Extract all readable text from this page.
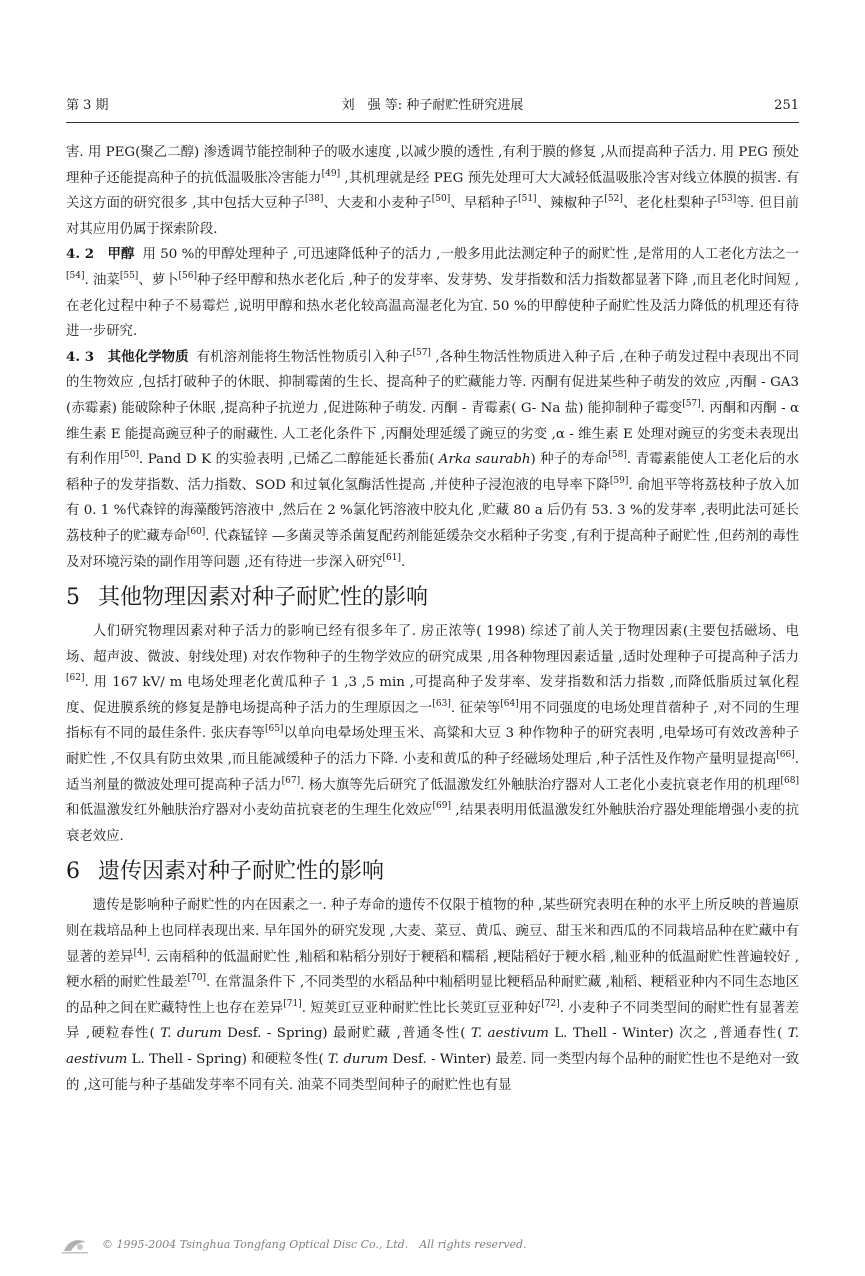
第 3 期	刘　强 等: 种子耐贮性研究进展	251

害. 用 PEG(聚乙二醇) 渗透调节能控制种子的吸水速度 ,以减少膜的透性 ,有利于膜的修复 ,从而提高种子活力. 用 PEG 预处理种子还能提高种子的抗低温吸胀冷害能力[49] ,其机理就是经 PEG 预先处理可大大减轻低温吸胀冷害对线立体膜的损害. 有关这方面的研究很多 ,其中包括大豆种子[38]、大麦和小麦种子[50]、早稻种子[51]、辣椒种子[52]、老化杜梨种子[53]等. 但目前对其应用仍属于探索阶段.

4. 2　甲醇 用 50 %的甲醇处理种子 ,可迅速降低种子的活力 ,一般多用此法测定种子的耐贮性 ,是常用的人工老化方法之一[54]. 油菜[55]、萝卜[56]种子经甲醇和热水老化后 ,种子的发芽率、发芽势、发芽指数和活力指数都显著下降 ,而且老化时间短 ,在老化过程中种子不易霉烂 ,说明甲醇和热水老化较高温高湿老化为宜. 50 %的甲醇使种子耐贮性及活力降低的机理还有待进一步研究.

4. 3　其他化学物质 有机溶剂能将生物活性物质引入种子[57] ,各种生物活性物质进入种子后 ,在种子萌发过程中表现出不同的生物效应 ,包括打破种子的休眠、抑制霉菌的生长、提高种子的贮藏能力等. 丙酮有促进某些种子萌发的效应 ,丙酮 - GA3 (赤霉素) 能破除种子休眠 ,提高种子抗逆力 ,促进陈种子萌发. 丙酮 - 青霉素( G- Na 盐) 能抑制种子霉变[57]. 丙酮和丙酮 - α 维生素 E 能提高豌豆种子的耐藏性. 人工老化条件下 ,丙酮处理延缓了豌豆的劣变 ,α - 维生素 E 处理对豌豆的劣变未表现出有利作用[50]. Pand D K 的实验表明 ,已烯乙二醇能延长番茄( Arka saurabh) 种子的寿命[58]. 青霉素能使人工老化后的水稻种子的发芽指数、活力指数、SOD 和过氧化氢酶活性提高 ,并使种子浸泡液的电导率下降[59]. 俞旭平等将荔枝种子放入加有 0. 1 %代森锌的海藻酸钙溶液中 ,然后在 2 %氯化钙溶液中胶丸化 ,贮藏 80 a 后仍有 53. 3 %的发芽率 ,表明此法可延长荔枝种子的贮藏寿命[60]. 代森锰锌 —多菌灵等杀菌复配药剂能延缓杂交水稻种子劣变 ,有利于提高种子耐贮性 ,但药剂的毒性及对环境污染的副作用等问题 ,还有待进一步深入研究[61].

5 其他物理因素对种子耐贮性的影响

人们研究物理因素对种子活力的影响已经有很多年了. 房正浓等( 1998) 综述了前人关于物理因素(主要包括磁场、电场、超声波、微波、射线处理) 对农作物种子的生物学效应的研究成果 ,用各种物理因素适量 ,适时处理种子可提高种子活力[62]. 用 167 kV/ m 电场处理老化黄瓜种子 1 ,3 ,5 min ,可提高种子发芽率、发芽指数和活力指数 ,而降低脂质过氧化程度、促进膜系统的修复是静电场提高种子活力的生理原因之一[63]. 征荣等[64]用不同强度的电场处理苜蓿种子 ,对不同的生理指标有不同的最佳条件. 张庆春等[65]以单向电晕场处理玉米、高粱和大豆 3 种作物种子的研究表明 ,电晕场可有效改善种子耐贮性 ,不仅具有防虫效果 ,而且能减缓种子的活力下降. 小麦和黄瓜的种子经磁场处理后 ,种子活性及作物产量明显提高[66]. 适当剂量的微波处理可提高种子活力[67]. 杨大旗等先后研究了低温激发红外触肤治疗器对人工老化小麦抗衰老作用的机理[68]和低温激发红外触肤治疗器对小麦幼苗抗衰老的生理生化效应[69] ,结果表明用低温激发红外触肤治疗器处理能增强小麦的抗衰老效应.

6 遗传因素对种子耐贮性的影响

遗传是影响种子耐贮性的内在因素之一. 种子寿命的遗传不仅限于植物的种 ,某些研究表明在种的水平上所反映的普遍原则在栽培品种上也同样表现出来. 早年国外的研究发现 ,大麦、菜豆、黄瓜、豌豆、甜玉米和西瓜的不同栽培品种在贮藏中有显著的差异[4]. 云南稻种的低温耐贮性 ,籼稻和粘稻分别好于粳稻和糯稻 ,粳陆稻好于粳水稻 ,籼亚种的低温耐贮性普遍较好 ,粳水稻的耐贮性最差[70]. 在常温条件下 ,不同类型的水稻品种中籼稻明显比粳稻品种耐贮藏 ,籼稻、粳稻亚种内不同生态地区的品种之间在贮藏特性上也存在差异[71]. 短荚豇豆亚种耐贮性比长荚豇豆亚种好[72]. 小麦种子不同类型间的耐贮性有显著差异 ,硬粒春性( T. durum Desf. - Spring) 最耐贮藏 ,普通冬性( T. aestivum L. Thell - Winter) 次之 ,普通春性( T. aestivum L. Thell - Spring) 和硬粒冬性( T. durum Desf. - Winter) 最差. 同一类型内每个品种的耐贮性也不是绝对一致的 ,这可能与种子基础发芽率不同有关. 油菜不同类型间种子的耐贮性也有显

© 1995-2004 Tsinghua Tongfang Optical Disc Co., Ltd.　All rights reserved.
